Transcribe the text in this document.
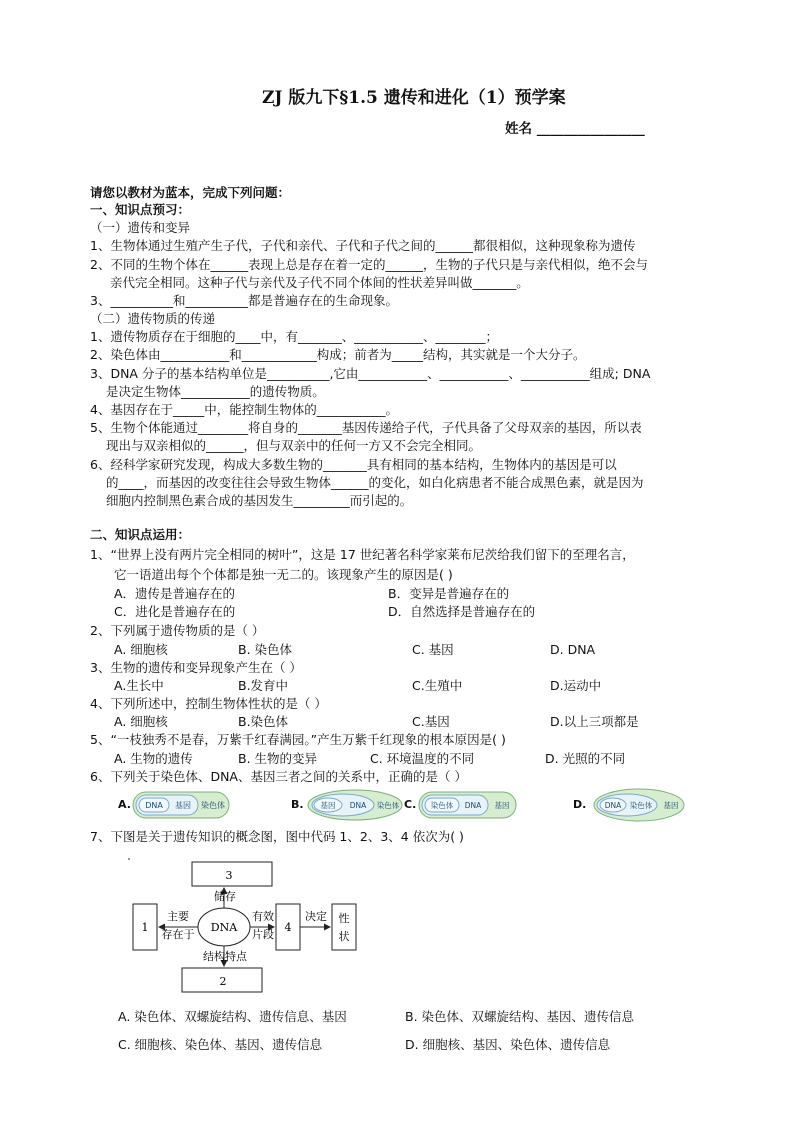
ZJ 版九下§1.5 遗传和进化（1）预学案
姓名 ________________
请您以教材为蓝本，完成下列问题：
一、知识点预习：
（一）遗传和变异
1、生物体通过生殖产生子代，子代和亲代、子代和子代之间的______都很相似，这种现象称为遗传
2、不同的生物个体在______表现上总是存在着一定的______，生物的子代只是与亲代相似，绝不会与
亲代完全相同。这种子代与亲代及子代不同个体间的性状差异叫做_______。
3、__________和__________都是普遍存在的生命现象。
（二）遗传物质的传递
1、遗传物质存在于细胞的____中，有_______、___________、________；
2、染色体由___________和____________构成；前者为_____结构，其实就是一个大分子。
3、DNA 分子的基本结构单位是__________,它由___________、___________、___________组成; DNA
是决定生物体___________的遗传物质。
4、基因存在于_____中，能控制生物体的___________。
5、生物个体能通过________将自身的_______基因传递给子代，子代具备了父母双亲的基因，所以表
现出与双亲相似的______，但与双亲中的任何一方又不会完全相同。
6、经科学家研究发现，构成大多数生物的_______具有相同的基本结构，生物体内的基因是可以
的____，而基因的改变往往会导致生物体______的变化，如白化病患者不能合成黑色素，就是因为
细胞内控制黑色素合成的基因发生_________而引起的。
二、知识点运用：
1、“世界上没有两片完全相同的树叶”，这是 17 世纪著名科学家莱布尼茨给我们留下的至理名言，
它一语道出每个个体都是独一无二的。该现象产生的原因是( )
A．遗传是普遍存在的	B．变异是普遍存在的
C．进化是普遍存在的	D．自然选择是普遍存在的
2、下列属于遗传物质的是（ ）
A. 细胞核	B. 染色体	C. 基因	D. DNA
3、生物的遗传和变异现象产生在（ ）
A.生长中	B.发育中	C.生殖中	D.运动中
4、下列所述中，控制生物体性状的是（ ）
A. 细胞核	B.染色体	C.基因	D.以上三项都是
5、“一枝独秀不是春，万紫千红春满园。”产生万紫千红现象的根本原因是( )
A. 生物的遗传	B. 生物的变异	C. 环境温度的不同	D. 光照的不同
6、下列关于染色体、DNA、基因三者之间的关系中，正确的是（ ）
A. DNA 基因 染色体	B. 基因 DNA 染色体 C. 染色体 DNA 基因	D. DNA 染色体 基因
7、下图是关于遗传知识的概念图，图中代码 1、2、3、4 依次为( )
3
1	4
性
状
2
DNA
储存
主要
存在于
有效
片段
决定
结构特点
A. 染色体、双螺旋结构、遗传信息、基因	B. 染色体、双螺旋结构、基因、遗传信息
C. 细胞核、染色体、基因、遗传信息	D. 细胞核、基因、染色体、遗传信息
